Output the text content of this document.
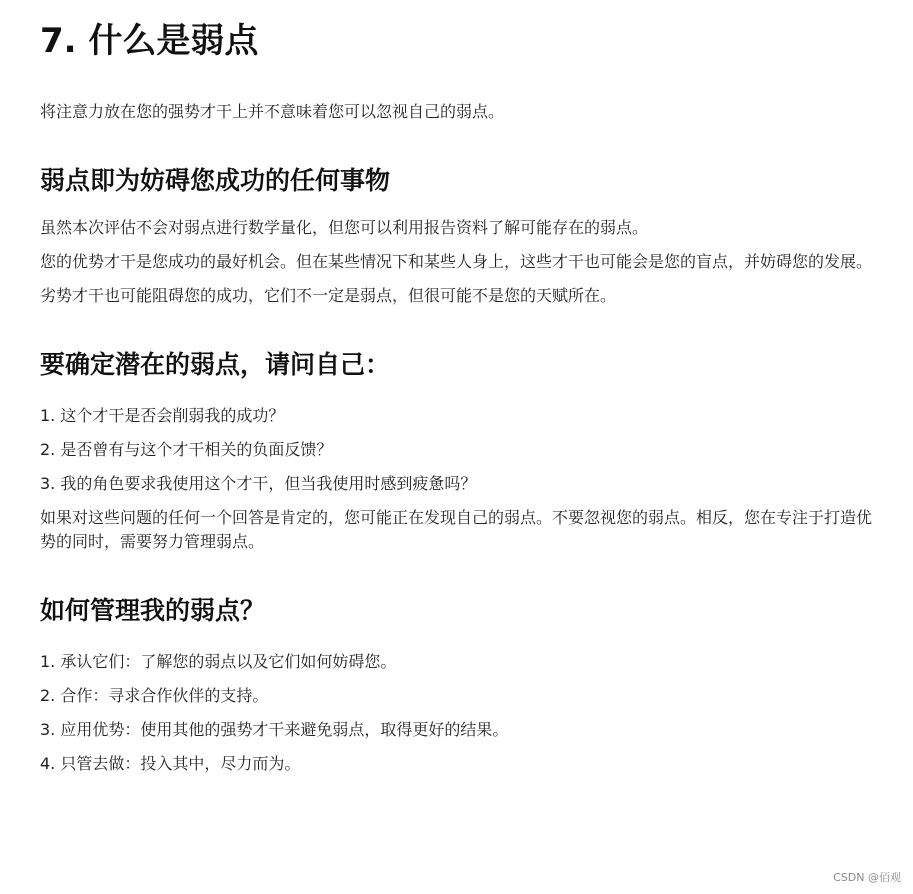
7. 什么是弱点

将注意力放在您的强势才干上并不意味着您可以忽视自己的弱点。

弱点即为妨碍您成功的任何事物

虽然本次评估不会对弱点进行数学量化，但您可以利用报告资料了解可能存在的弱点。

您的优势才干是您成功的最好机会。但在某些情况下和某些人身上，这些才干也可能会是您的盲点，并妨碍您的发展。

劣势才干也可能阻碍您的成功，它们不一定是弱点，但很可能不是您的天赋所在。

要确定潜在的弱点，请问自己：
1. 这个才干是否会削弱我的成功？
2. 是否曾有与这个才干相关的负面反馈？
3. 我的角色要求我使用这个才干，但当我使用时感到疲惫吗？

如果对这些问题的任何一个回答是肯定的，您可能正在发现自己的弱点。不要忽视您的弱点。相反，您在专注于打造优势的同时，需要努力管理弱点。

如何管理我的弱点？
1. 承认它们：了解您的弱点以及它们如何妨碍您。
2. 合作：寻求合作伙伴的支持。
3. 应用优势：使用其他的强势才干来避免弱点，取得更好的结果。
4. 只管去做：投入其中，尽力而为。
CSDN @佰观
